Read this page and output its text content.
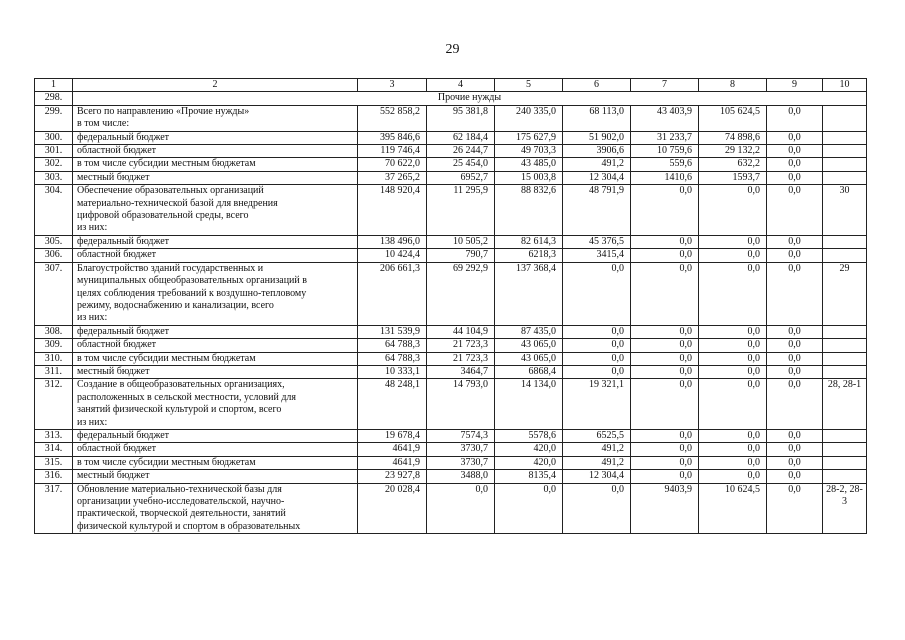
29
1	2	3	4	5	6	7	8	9	10
298.	Прочие нужды								
299.	Всего по направлению «Прочие нужды»
в том числе:	552 858,2	95 381,8	240 335,0	68 113,0	43 403,9	105 624,5	0,0	
300.	федеральный бюджет	395 846,6	62 184,4	175 627,9	51 902,0	31 233,7	74 898,6	0,0	
301.	областной бюджет	119 746,4	26 244,7	49 703,3	3906,6	10 759,6	29 132,2	0,0	
302.	в том числе субсидии местным бюджетам	70 622,0	25 454,0	43 485,0	491,2	559,6	632,2	0,0	
303.	местный бюджет	37 265,2	6952,7	15 003,8	12 304,4	1410,6	1593,7	0,0	
304.	Обеспечение образовательных организаций
материально-технической базой для внедрения
цифровой образовательной среды, всего
из них:	148 920,4	11 295,9	88 832,6	48 791,9	0,0	0,0	0,0	30
305.	федеральный бюджет	138 496,0	10 505,2	82 614,3	45 376,5	0,0	0,0	0,0	
306.	областной бюджет	10 424,4	790,7	6218,3	3415,4	0,0	0,0	0,0	
307.	Благоустройство зданий государственных и
муниципальных общеобразовательных организаций в
целях соблюдения требований к воздушно-тепловому
режиму, водоснабжению и канализации, всего
из них:	206 661,3	69 292,9	137 368,4	0,0	0,0	0,0	0,0	29
308.	федеральный бюджет	131 539,9	44 104,9	87 435,0	0,0	0,0	0,0	0,0	
309.	областной бюджет	64 788,3	21 723,3	43 065,0	0,0	0,0	0,0	0,0	
310.	в том числе субсидии местным бюджетам	64 788,3	21 723,3	43 065,0	0,0	0,0	0,0	0,0	
311.	местный бюджет	10 333,1	3464,7	6868,4	0,0	0,0	0,0	0,0	
312.	Создание в общеобразовательных организациях,
расположенных в сельской местности, условий для
занятий физической культурой и спортом, всего
из них:	48 248,1	14 793,0	14 134,0	19 321,1	0,0	0,0	0,0	28, 28-1
313.	федеральный бюджет	19 678,4	7574,3	5578,6	6525,5	0,0	0,0	0,0	
314.	областной бюджет	4641,9	3730,7	420,0	491,2	0,0	0,0	0,0	
315.	в том числе субсидии местным бюджетам	4641,9	3730,7	420,0	491,2	0,0	0,0	0,0	
316.	местный бюджет	23 927,8	3488,0	8135,4	12 304,4	0,0	0,0	0,0	
317.	Обновление материально-технической базы для
организации учебно-исследовательской, научно-
практической, творческой деятельности, занятий
физической культурой и спортом в образовательных	20 028,4	0,0	0,0	0,0	9403,9	10 624,5	0,0	28-2, 28-3
